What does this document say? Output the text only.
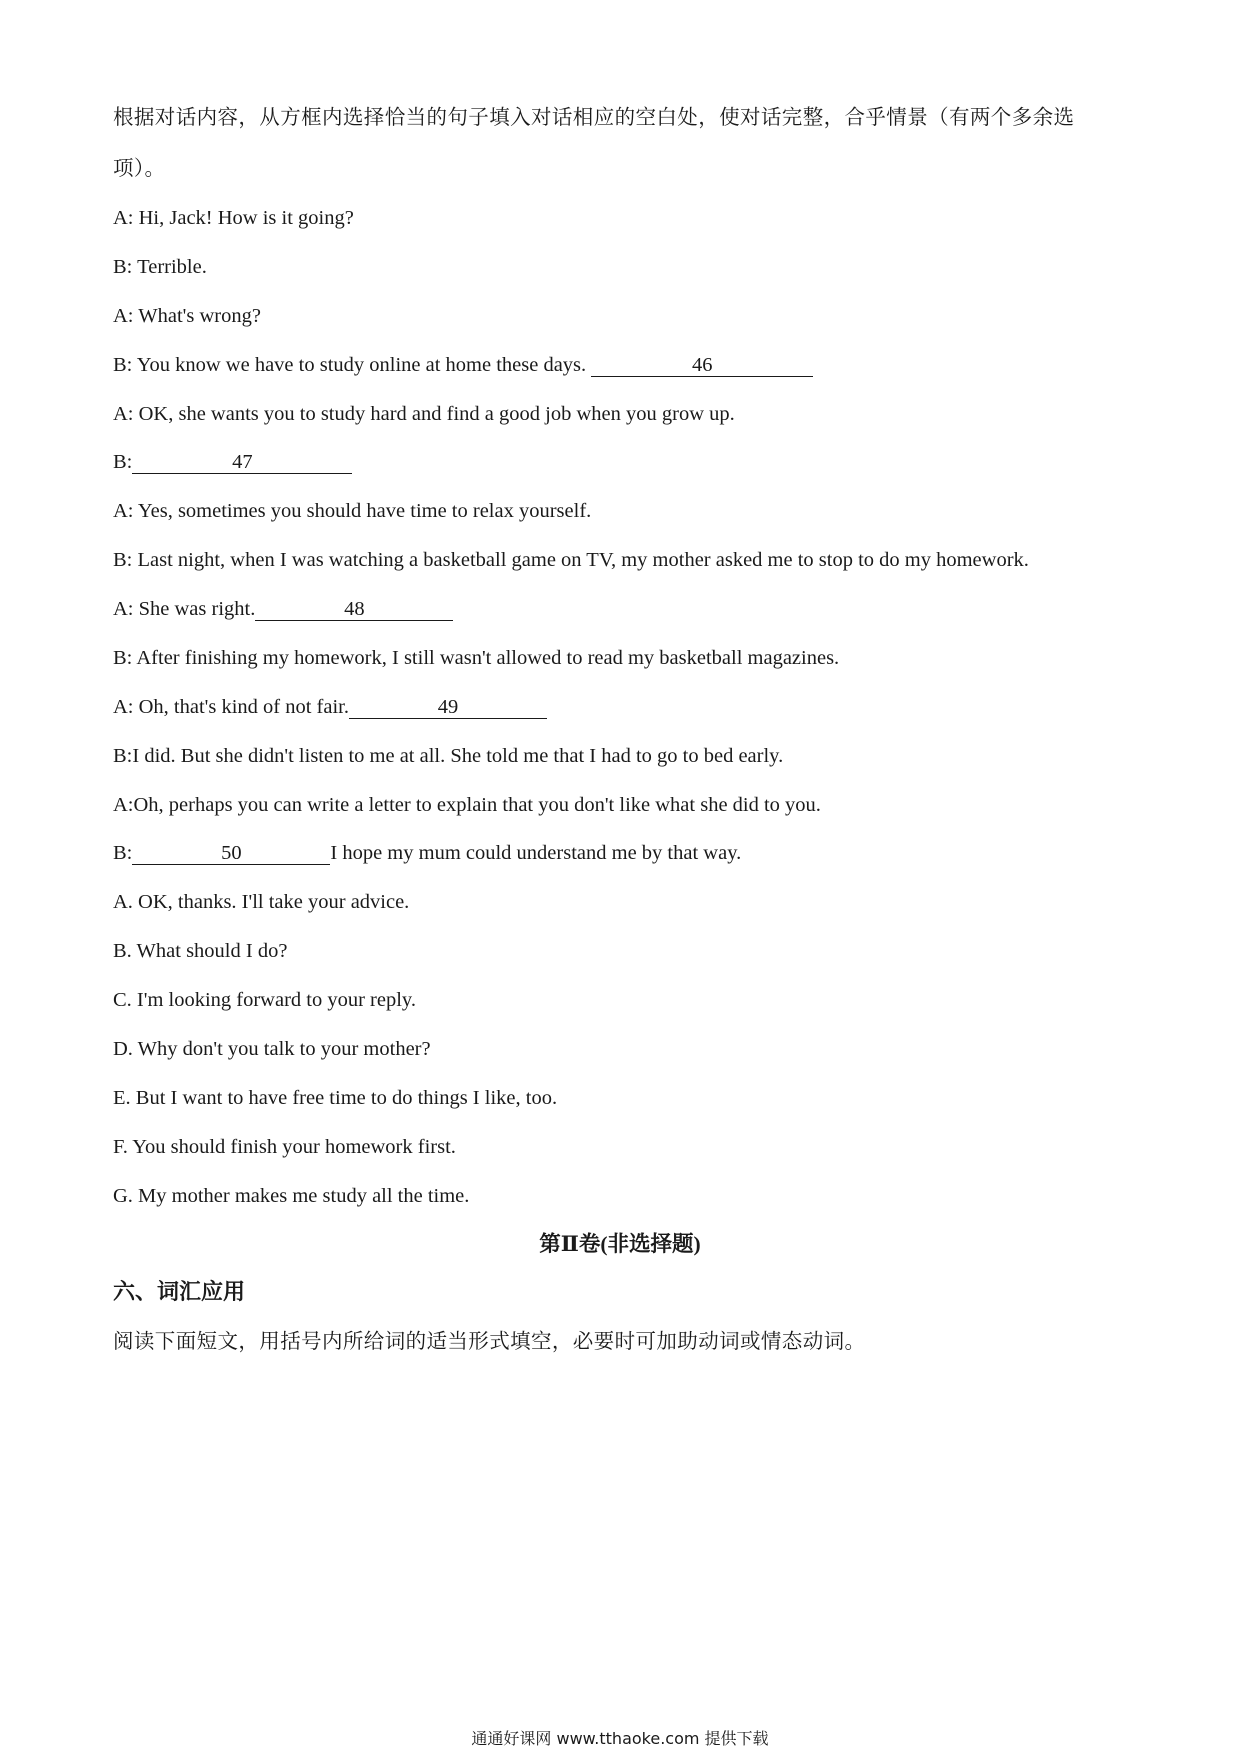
根据对话内容，从方框内选择恰当的句子填入对话相应的空白处，使对话完整，合乎情景（有两个多余选
项）。
A: Hi, Jack! How is it going?
B: Terrible.
A: What's wrong?
B: You know we have to study online at home these days.	46
A: OK, she wants you to study hard and find a good job when you grow up.
B:	47
A: Yes, sometimes you should have time to relax yourself.
B: Last night, when I was watching a basketball game on TV, my mother asked me to stop to do my homework.
A: She was right.	48
B: After finishing my homework, I still wasn't allowed to read my basketball magazines.
A: Oh, that's kind of not fair.	49
B:I did. But she didn't listen to me at all. She told me that I had to go to bed early.
A:Oh, perhaps you can write a letter to explain that you don't like what she did to you.
B:	50	I hope my mum could understand me by that way.
A. OK, thanks. I'll take your advice.
B. What should I do?
C. I'm looking forward to your reply.
D. Why don't you talk to your mother?
E. But I want to have free time to do things I like, too.
F. You should finish your homework first.
G. My mother makes me study all the time.
第Ⅱ卷(非选择题)
六、词汇应用
阅读下面短文，用括号内所给词的适当形式填空，必要时可加助动词或情态动词。
通通好课网 www.tthaoke.com 提供下载
